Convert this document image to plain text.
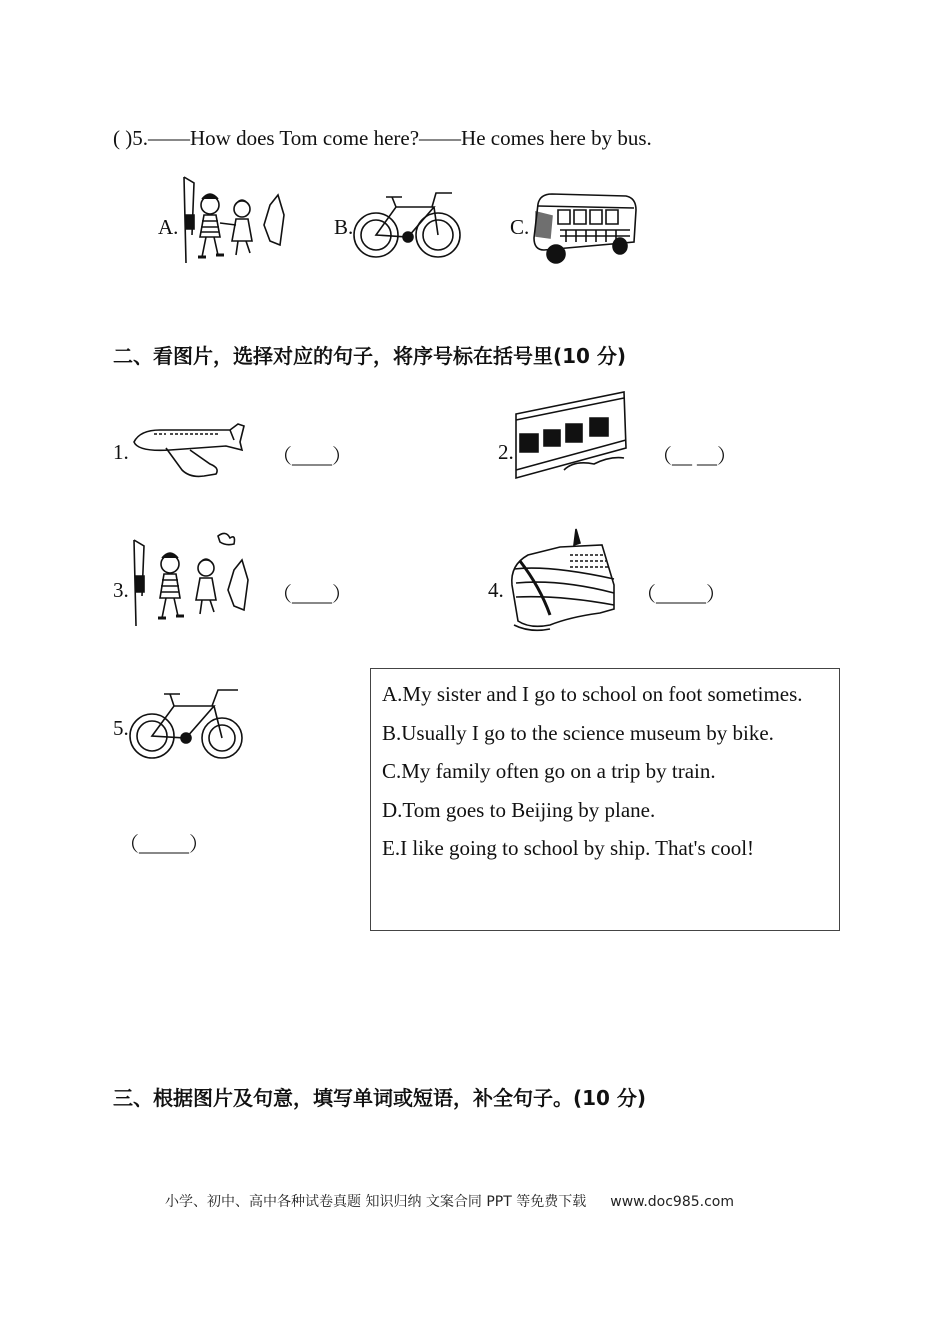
( )5.——How does Tom come here?——He comes here by bus.
A.	B.	C.
二、看图片，选择对应的句子，将序号标在括号里(10 分)
1.	（____）	2.	（__ __）
3.	（____）	4.	（_____）
5.
（_____）
A.My sister and I go to school on foot sometimes.
B.Usually I go to the science museum by bike.
C.My family often go on a trip by train.
D.Tom goes to Beijing by plane.
E.I like going to school by ship. That's cool!
三、根据图片及句意，填写单词或短语，补全句子。(10 分)
小学、初中、高中各种试卷真题 知识归纳 文案合同 PPT 等免费下载 www.doc985.com
